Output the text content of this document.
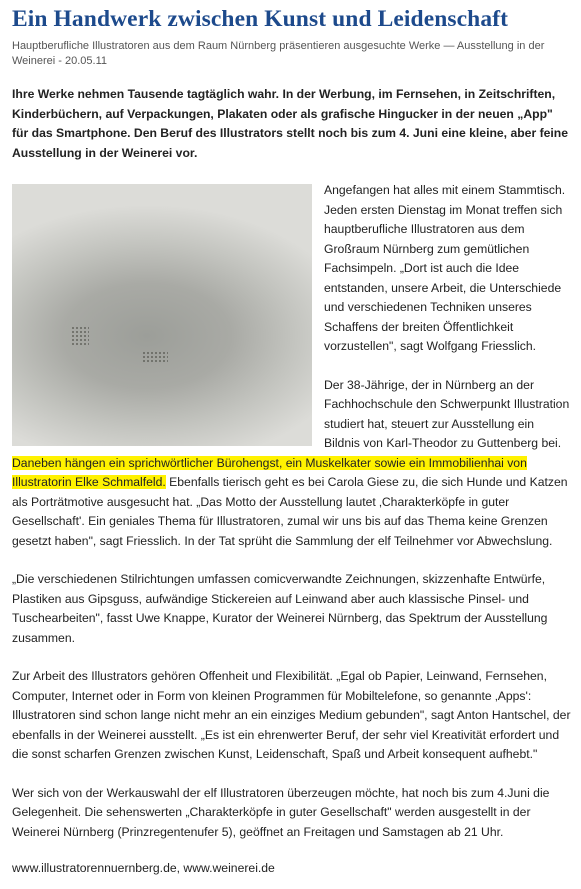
Ein Handwerk zwischen Kunst und Leidenschaft
Hauptberufliche Illustratoren aus dem Raum Nürnberg präsentieren ausgesuchte Werke — Ausstellung in der Weinerei - 20.05.11
Ihre Werke nehmen Tausende tagtäglich wahr. In der Werbung, im Fernsehen, in Zeitschriften, Kinderbüchern, auf Verpackungen, Plakaten oder als grafische Hingucker in der neuen „App" für das Smartphone. Den Beruf des Illustrators stellt noch bis zum 4. Juni eine kleine, aber feine Ausstellung in der Weinerei vor.

Angefangen hat alles mit einem Stammtisch. Jeden ersten Dienstag im Monat treffen sich hauptberufliche Illustratoren aus dem Großraum Nürnberg zum gemütlichen Fachsimpeln. „Dort ist auch die Idee entstanden, unsere Arbeit, die Unterschiede und verschiedenen Techniken unseres Schaffens der breiten Öffentlichkeit vorzustellen", sagt Wolfgang Friesslich.

Der 38-Jährige, der in Nürnberg an der Fachhochschule den Schwerpunkt Illustration studiert hat, steuert zur Ausstellung ein Bildnis von Karl-Theodor zu Guttenberg bei. Daneben hängen ein sprichwörtlicher Bürohengst, ein Muskelkater sowie ein Immobilienhai von Illustratorin Elke Schmalfeld. Ebenfalls tierisch geht es bei Carola Giese zu, die sich Hunde und Katzen als Porträtmotive ausgesucht hat. „Das Motto der Ausstellung lautet ‚Charakterköpfe in guter Gesellschaft'. Ein geniales Thema für Illustratoren, zumal wir uns bis auf das Thema keine Grenzen gesetzt haben", sagt Friesslich. In der Tat sprüht die Sammlung der elf Teilnehmer vor Abwechslung.

„Die verschiedenen Stilrichtungen umfassen comicverwandte Zeichnungen, skizzenhafte Entwürfe, Plastiken aus Gipsguss, aufwändige Stickereien auf Leinwand aber auch klassische Pinsel- und Tuschearbeiten", fasst Uwe Knappe, Kurator der Weinerei Nürnberg, das Spektrum der Ausstellung zusammen.

Zur Arbeit des Illustrators gehören Offenheit und Flexibilität. „Egal ob Papier, Leinwand, Fernsehen, Computer, Internet oder in Form von kleinen Programmen für Mobiltelefone, so genannte ‚Apps': Illustratoren sind schon lange nicht mehr an ein einziges Medium gebunden", sagt Anton Hantschel, der ebenfalls in der Weinerei ausstellt. „Es ist ein ehrenwerter Beruf, der sehr viel Kreativität erfordert und die sonst scharfen Grenzen zwischen Kunst, Leidenschaft, Spaß und Arbeit konsequent aufhebt."

Wer sich von der Werkauswahl der elf Illustratoren überzeugen möchte, hat noch bis zum 4.Juni die Gelegenheit. Die sehenswerten „Charakterköpfe in guter Gesellschaft" werden ausgestellt in der Weinerei Nürnberg (Prinzregentenufer 5), geöffnet an Freitagen und Samstagen ab 21 Uhr.

www.illustratorennuernberg.de, www.weinerei.de
